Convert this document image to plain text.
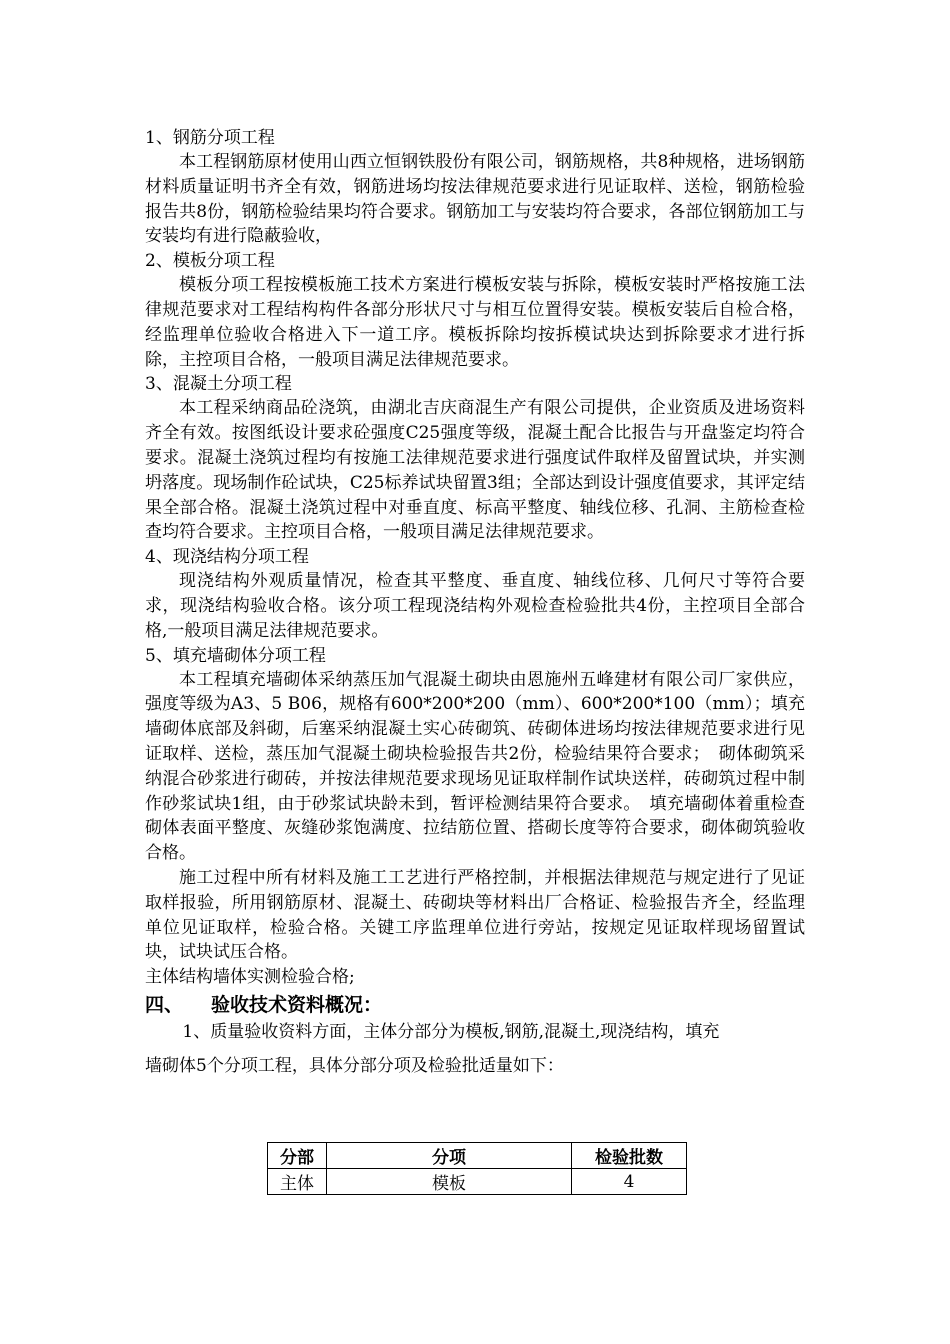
1、钢筋分项工程

本工程钢筋原材使用山西立恒钢铁股份有限公司，钢筋规格，共8种规格，进场钢筋材料质量证明书齐全有效，钢筋进场均按法律规范要求进行见证取样、送检，钢筋检验报告共8份，钢筋检验结果均符合要求。钢筋加工与安装均符合要求，各部位钢筋加工与安装均有进行隐蔽验收，

2、模板分项工程

模板分项工程按模板施工技术方案进行模板安装与拆除，模板安装时严格按施工法律规范要求对工程结构构件各部分形状尺寸与相互位置得安装。模板安装后自检合格，经监理单位验收合格进入下一道工序。模板拆除均按拆模试块达到拆除要求才进行拆除，主控项目合格，一般项目满足法律规范要求。

3、混凝土分项工程

本工程采纳商品砼浇筑，由湖北吉庆商混生产有限公司提供，企业资质及进场资料齐全有效。按图纸设计要求砼强度C25强度等级，混凝土配合比报告与开盘鉴定均符合要求。混凝土浇筑过程均有按施工法律规范要求进行强度试件取样及留置试块，并实测坍落度。现场制作砼试块，C25标养试块留置3组；全部达到设计强度值要求，其评定结果全部合格。混凝土浇筑过程中对垂直度、标高平整度、轴线位移、孔洞、主筋检查检查均符合要求。主控项目合格，一般项目满足法律规范要求。

4、现浇结构分项工程

现浇结构外观质量情况，检查其平整度、垂直度、轴线位移、几何尺寸等符合要求，现浇结构验收合格。该分项工程现浇结构外观检查检验批共4份，主控项目全部合格,一般项目满足法律规范要求。

5、填充墙砌体分项工程

本工程填充墙砌体采纳蒸压加气混凝土砌块由恩施州五峰建材有限公司厂家供应，强度等级为A3、5 B06，规格有600*200*200（mm）、600*200*100（mm）；填充墙砌体底部及斜砌，后塞采纳混凝土实心砖砌筑、砖砌体进场均按法律规范要求进行见证取样、送检，蒸压加气混凝土砌块检验报告共2份，检验结果符合要求；　砌体砌筑采纳混合砂浆进行砌砖，并按法律规范要求现场见证取样制作试块送样，砖砌筑过程中制作砂浆试块1组，由于砂浆试块龄未到，暂评检测结果符合要求。　填充墙砌体着重检查砌体表面平整度、灰缝砂浆饱满度、拉结筋位置、搭砌长度等符合要求，砌体砌筑验收合格。

施工过程中所有材料及施工工艺进行严格控制，并根据法律规范与规定进行了见证取样报验，所用钢筋原材、混凝土、砖砌块等材料出厂合格证、检验报告齐全，经监理单位见证取样，检验合格。关键工序监理单位进行旁站，按规定见证取样现场留置试块，试块试压合格。

主体结构墙体实测检验合格;

四、	验收技术资料概况：

1、质量验收资料方面，主体分部分为模板,钢筋,混凝土,现浇结构，填充

墙砌体5个分项工程，具体分部分项及检验批适量如下：

分部	分项	检验批数
主体	模板	4
